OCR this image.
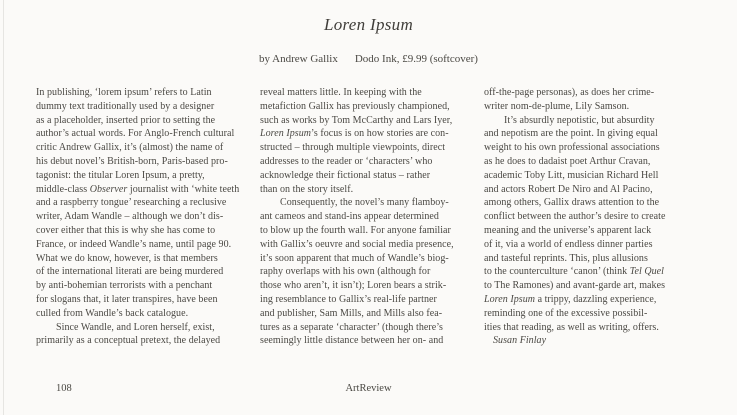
Loren Ipsum
by Andrew Gallix Dodo Ink, £9.99 (softcover)
In publishing, ‘lorem ipsum’ refers to Latin
dummy text traditionally used by a designer
as a placeholder, inserted prior to setting the
author’s actual words. For Anglo-French cultural
critic Andrew Gallix, it’s (almost) the name of
his debut novel’s British-born, Paris-based pro-
tagonist: the titular Loren Ipsum, a pretty,
middle-class Observer journalist with ‘white teeth
and a raspberry tongue’ researching a reclusive
writer, Adam Wandle – although we don’t dis-
cover either that this is why she has come to
France, or indeed Wandle’s name, until page 90.
What we do know, however, is that members
of the international literati are being murdered
by anti-bohemian terrorists with a penchant
for slogans that, it later transpires, have been
culled from Wandle’s back catalogue.
Since Wandle, and Loren herself, exist,
primarily as a conceptual pretext, the delayed
reveal matters little. In keeping with the
metafiction Gallix has previously championed,
such as works by Tom McCarthy and Lars Iyer,
Loren Ipsum’s focus is on how stories are con-
structed – through multiple viewpoints, direct
addresses to the reader or ‘characters’ who
acknowledge their fictional status – rather
than on the story itself.
Consequently, the novel’s many flamboy-
ant cameos and stand-ins appear determined
to blow up the fourth wall. For anyone familiar
with Gallix’s oeuvre and social media presence,
it’s soon apparent that much of Wandle’s biog-
raphy overlaps with his own (although for
those who aren’t, it isn’t); Loren bears a strik-
ing resemblance to Gallix’s real-life partner
and publisher, Sam Mills, and Mills also fea-
tures as a separate ‘character’ (though there’s
seemingly little distance between her on- and
off-the-page personas), as does her crime-
writer nom-de-plume, Lily Samson.
It’s absurdly nepotistic, but absurdity
and nepotism are the point. In giving equal
weight to his own professional associations
as he does to dadaist poet Arthur Cravan,
academic Toby Litt, musician Richard Hell
and actors Robert De Niro and Al Pacino,
among others, Gallix draws attention to the
conflict between the author’s desire to create
meaning and the universe’s apparent lack
of it, via a world of endless dinner parties
and tasteful reprints. This, plus allusions
to the counterculture ‘canon’ (think Tel Quel
to The Ramones) and avant-garde art, makes
Loren Ipsum a trippy, dazzling experience,
reminding one of the excessive possibil-
ities that reading, as well as writing, offers.
Susan Finlay
108	ArtReview
